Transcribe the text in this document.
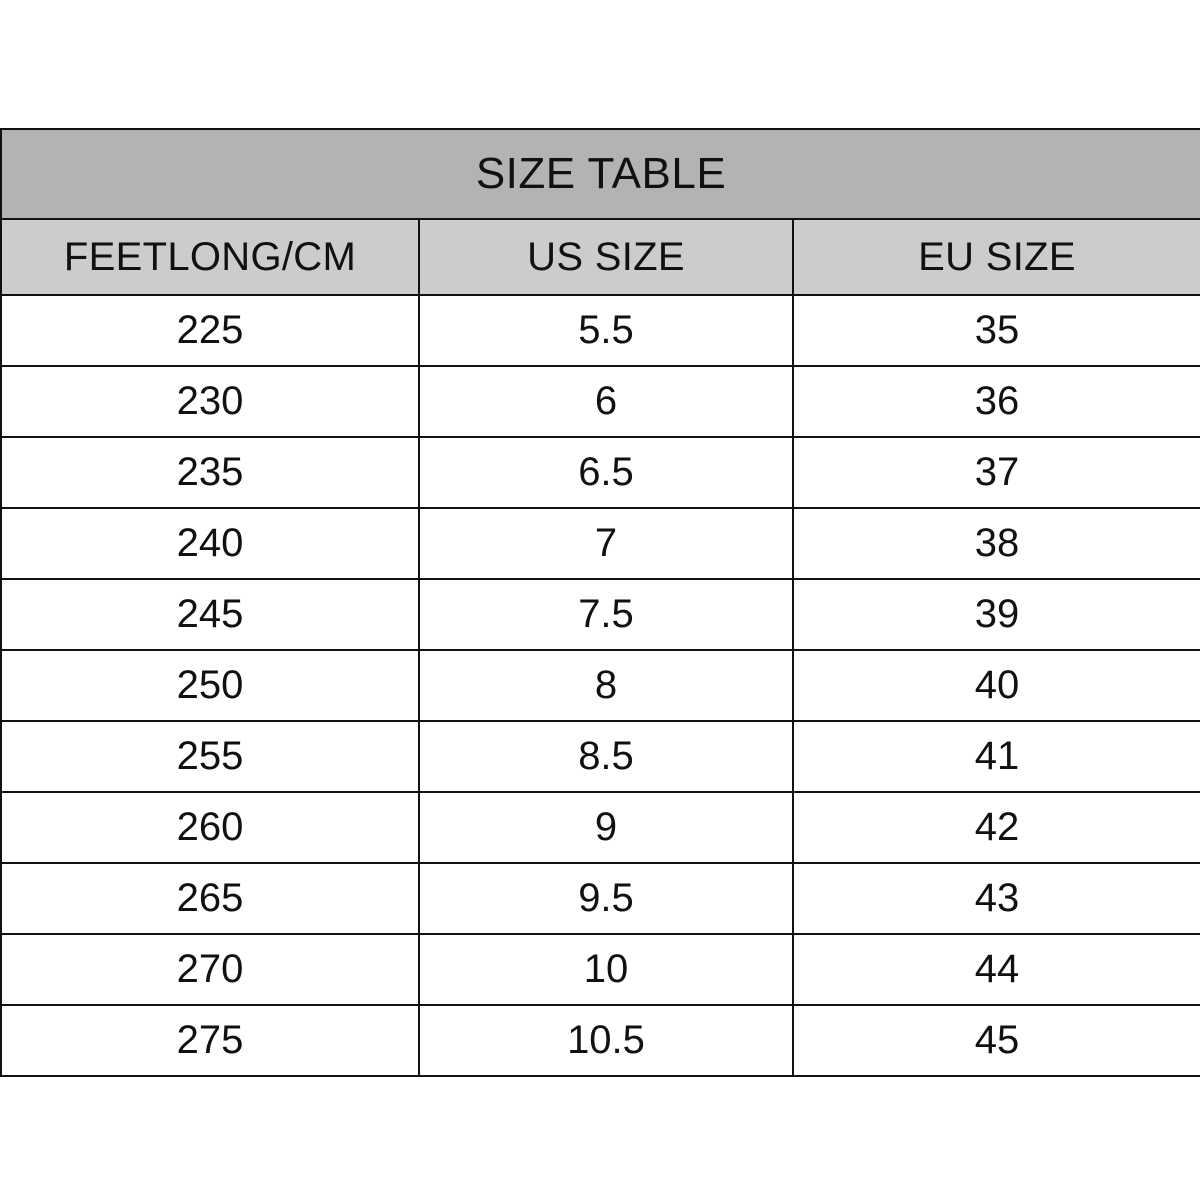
SIZE TABLE		
FEETLONG/CM	US SIZE	EU SIZE
225	5.5	35
230	6	36
235	6.5	37
240	7	38
245	7.5	39
250	8	40
255	8.5	41
260	9	42
265	9.5	43
270	10	44
275	10.5	45
